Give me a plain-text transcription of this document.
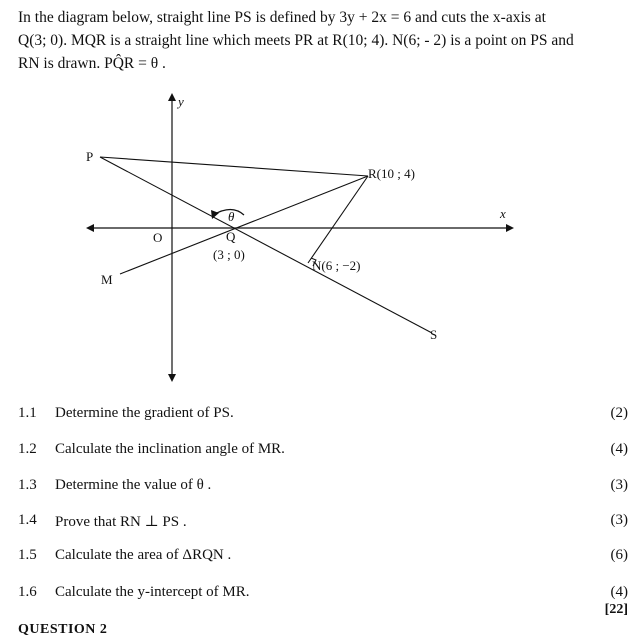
In the diagram below, straight line PS is defined by 3y + 2x = 6 and cuts the x-axis at
Q(3; 0). MQR is a straight line which meets PR at R(10; 4). N(6; - 2) is a point on PS and
RN is drawn. PQ̂R = θ .
y
x
O
P
M
S
Q
R(10 ; 4)
N(6 ; −2)
(3 ; 0)
θ
1.1 Determine the gradient of PS.	(2)
1.2 Calculate the inclination angle of MR.	(4)
1.3 Determine the value of θ .	(3)
1.4 Prove that RN ⊥ PS .	(3)
1.5 Calculate the area of ΔRQN .	(6)
1.6 Calculate the y-intercept of MR.	(4)
[22]
QUESTION 2
